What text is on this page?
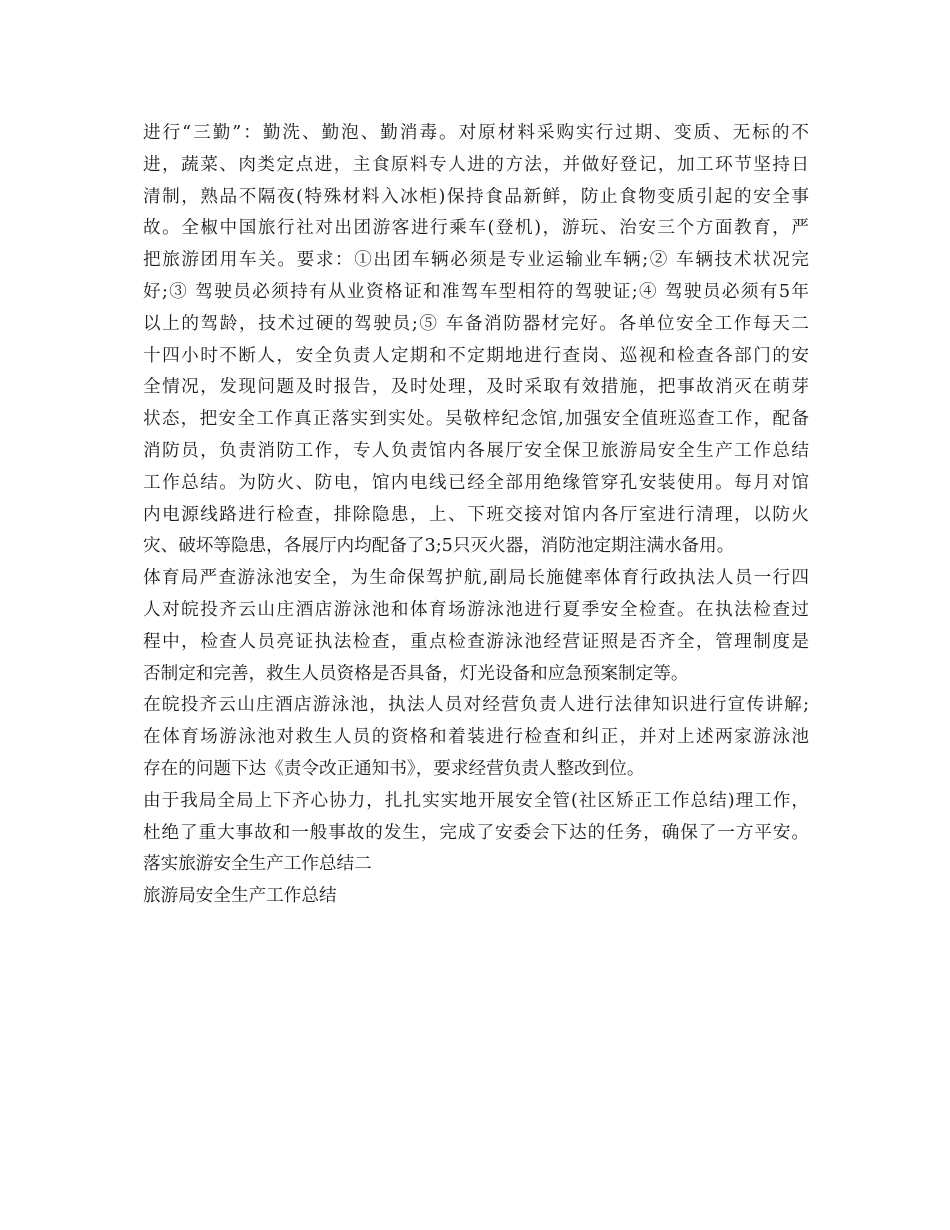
进行“三勤”：勤洗、勤泡、勤消毒。对原材料采购实行过期、变质、无标的不
进，蔬菜、肉类定点进，主食原料专人进的方法，并做好登记，加工环节坚持日
清制，熟品不隔夜(特殊材料入冰柜)保持食品新鲜，防止食物变质引起的安全事
故。全椒中国旅行社对出团游客进行乘车(登机)，游玩、治安三个方面教育，严
把旅游团用车关。要求：①出团车辆必须是专业运输业车辆;② 车辆技术状况完
好;③ 驾驶员必须持有从业资格证和准驾车型相符的驾驶证;④ 驾驶员必须有5年
以上的驾龄，技术过硬的驾驶员;⑤ 车备消防器材完好。各单位安全工作每天二
十四小时不断人，安全负责人定期和不定期地进行查岗、巡视和检查各部门的安
全情况，发现问题及时报告，及时处理，及时采取有效措施，把事故消灭在萌芽
状态，把安全工作真正落实到实处。吴敬梓纪念馆,加强安全值班巡查工作，配备
消防员，负责消防工作，专人负责馆内各展厅安全保卫旅游局安全生产工作总结
工作总结。为防火、防电，馆内电线已经全部用绝缘管穿孔安装使用。每月对馆
内电源线路进行检查，排除隐患，上、下班交接对馆内各厅室进行清理，以防火
灾、破坏等隐患，各展厅内均配备了3;5只灭火器，消防池定期注满水备用。
体育局严查游泳池安全，为生命保驾护航,副局长施健率体育行政执法人员一行四
人对皖投齐云山庄酒店游泳池和体育场游泳池进行夏季安全检查。在执法检查过
程中，检查人员亮证执法检查，重点检查游泳池经营证照是否齐全，管理制度是
否制定和完善，救生人员资格是否具备，灯光设备和应急预案制定等。
在皖投齐云山庄酒店游泳池，执法人员对经营负责人进行法律知识进行宣传讲解;
在体育场游泳池对救生人员的资格和着装进行检查和纠正，并对上述两家游泳池
存在的问题下达《责令改正通知书》，要求经营负责人整改到位。
由于我局全局上下齐心协力，扎扎实实地开展安全管(社区矫正工作总结)理工作，
杜绝了重大事故和一般事故的发生，完成了安委会下达的任务，确保了一方平安。
落实旅游安全生产工作总结二
旅游局安全生产工作总结
